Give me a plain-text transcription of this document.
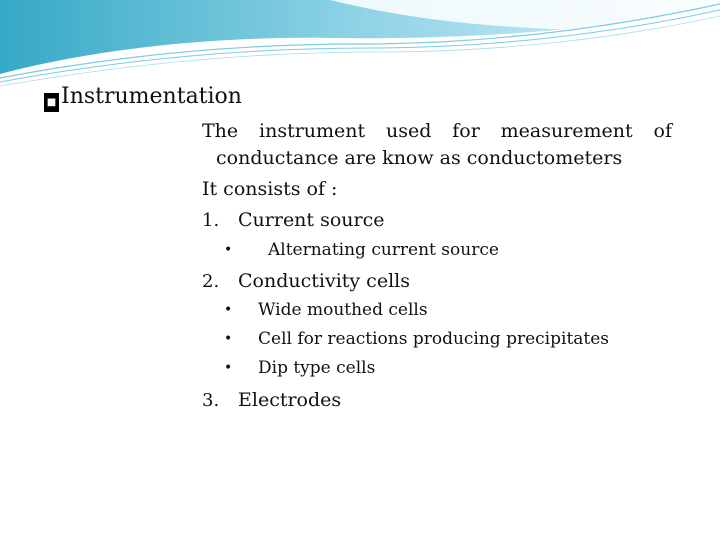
■ Instrumentation
The instrument used for measurement of
conductance are know as conductometers
It consists of :
1. Current source
• Alternating current source
2. Conductivity cells
• Wide mouthed cells
• Cell for reactions producing precipitates
• Dip type cells
3. Electrodes
